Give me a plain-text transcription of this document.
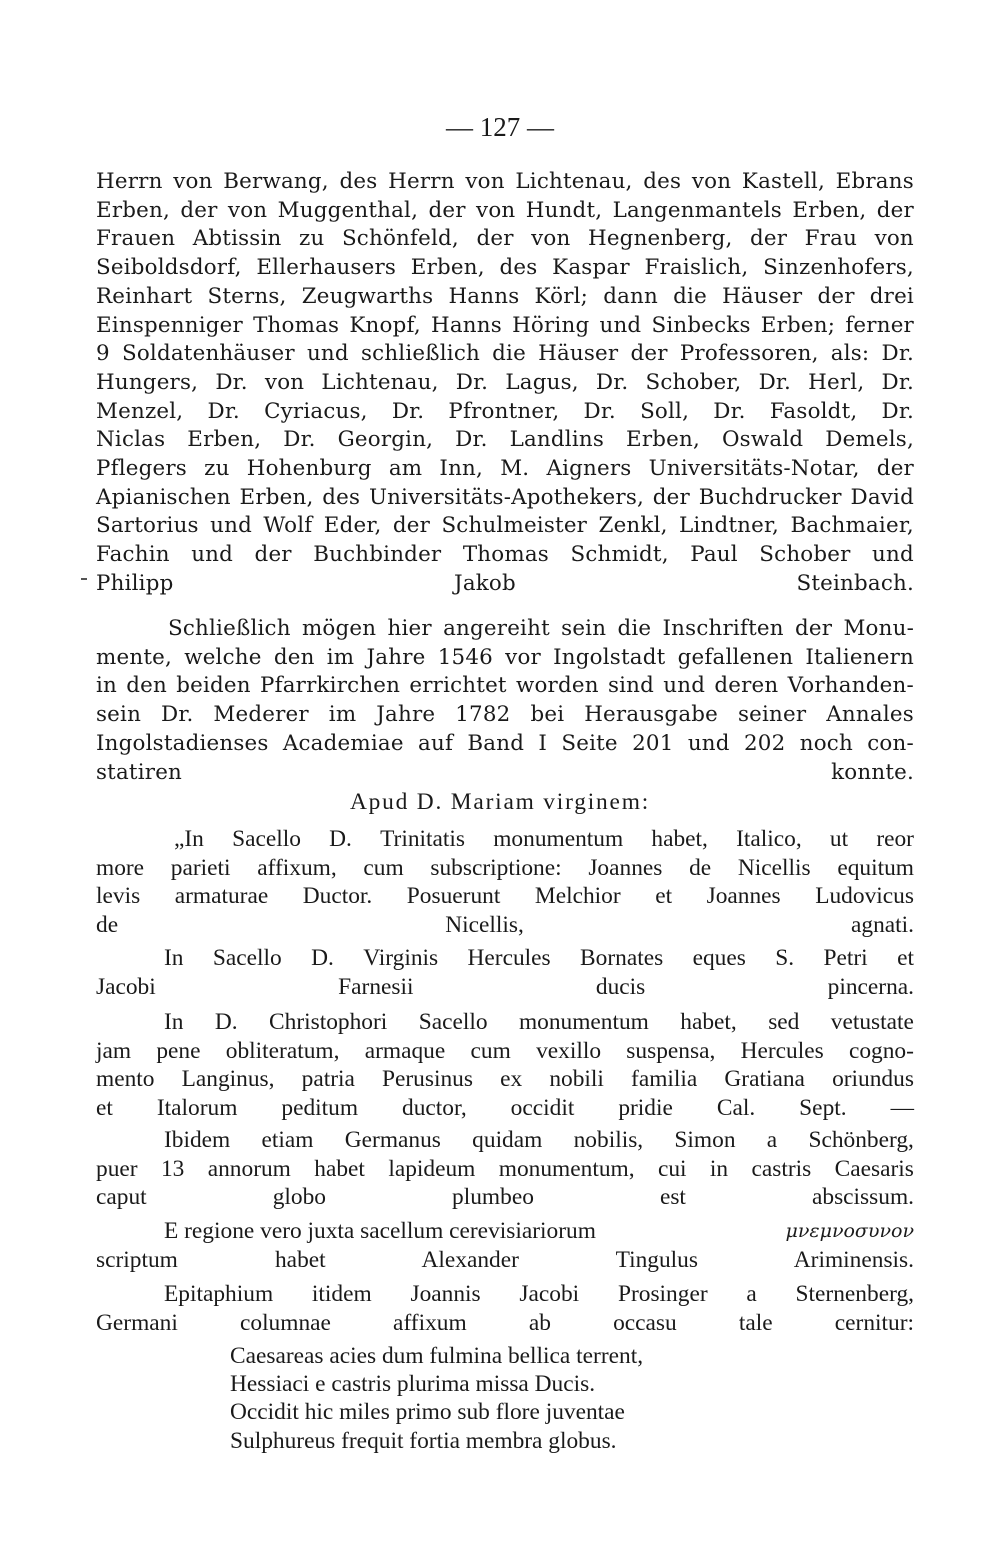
— 127 —
Herrn von Berwang, des Herrn von Lichtenau, des von Kastell, Ebrans
Erben, der von Muggenthal, der von Hundt, Langenmantels Erben, der
Frauen Abtissin zu Schönfeld, der von Hegnenberg, der Frau von
Seiboldsdorf, Ellerhausers Erben, des Kaspar Fraislich, Sinzenhofers,
Reinhart Sterns, Zeugwarths Hanns Körl; dann die Häuser der drei
Einspenniger Thomas Knopf, Hanns Höring und Sinbecks Erben; ferner
9 Soldatenhäuser und schließlich die Häuser der Professoren, als: Dr.
Hungers, Dr. von Lichtenau, Dr. Lagus, Dr. Schober, Dr. Herl, Dr.
Menzel, Dr. Cyriacus, Dr. Pfrontner, Dr. Soll, Dr. Fasoldt, Dr.
Niclas Erben, Dr. Georgin, Dr. Landlins Erben, Oswald Demels,
Pflegers zu Hohenburg am Inn, M. Aigners Universitäts-Notar, der
Apianischen Erben, des Universitäts-Apothekers, der Buchdrucker David
Sartorius und Wolf Eder, der Schulmeister Zenkl, Lindtner, Bachmaier,
Fachin und der Buchbinder Thomas Schmidt, Paul Schober und
Philipp Jakob Steinbach.
Schließlich mögen hier angereiht sein die Inschriften der Monu-
mente, welche den im Jahre 1546 vor Ingolstadt gefallenen Italienern
in den beiden Pfarrkirchen errichtet worden sind und deren Vorhanden-
sein Dr. Mederer im Jahre 1782 bei Herausgabe seiner Annales
Ingolstadienses Academiae auf Band I Seite 201 und 202 noch con-
statiren konnte.
Apud D. Mariam virginem:
„In Sacello D. Trinitatis monumentum habet, Italico, ut reor
more parieti affixum, cum subscriptione: Joannes de Nicellis equitum
levis armaturae Ductor. Posuerunt Melchior et Joannes Ludovicus
de Nicellis, agnati.
In Sacello D. Virginis Hercules Bornates eques S. Petri et
Jacobi Farnesii ducis pincerna.
In D. Christophori Sacello monumentum habet, sed vetustate
jam pene obliteratum, armaque cum vexillo suspensa, Hercules cogno-
mento Langinus, patria Perusinus ex nobili familia Gratiana oriundus
et Italorum peditum ductor, occidit pridie Cal. Sept. —
Ibidem etiam Germanus quidam nobilis, Simon a Schönberg,
puer 13 annorum habet lapideum monumentum, cui in castris Caesaris
caput globo plumbeo est abscissum.
E regione vero juxta sacellum cerevisiariorum	μνεμνοσυνον
scriptum habet Alexander Tingulus Ariminensis.
Epitaphium itidem Joannis Jacobi Prosinger a Sternenberg,
Germani columnae affixum ab occasu tale cernitur:
Caesareas acies dum fulmina bellica terrent,
Hessiaci e castris plurima missa Ducis.
Occidit hic miles primo sub flore juventae
Sulphureus frequit fortia membra globus.
